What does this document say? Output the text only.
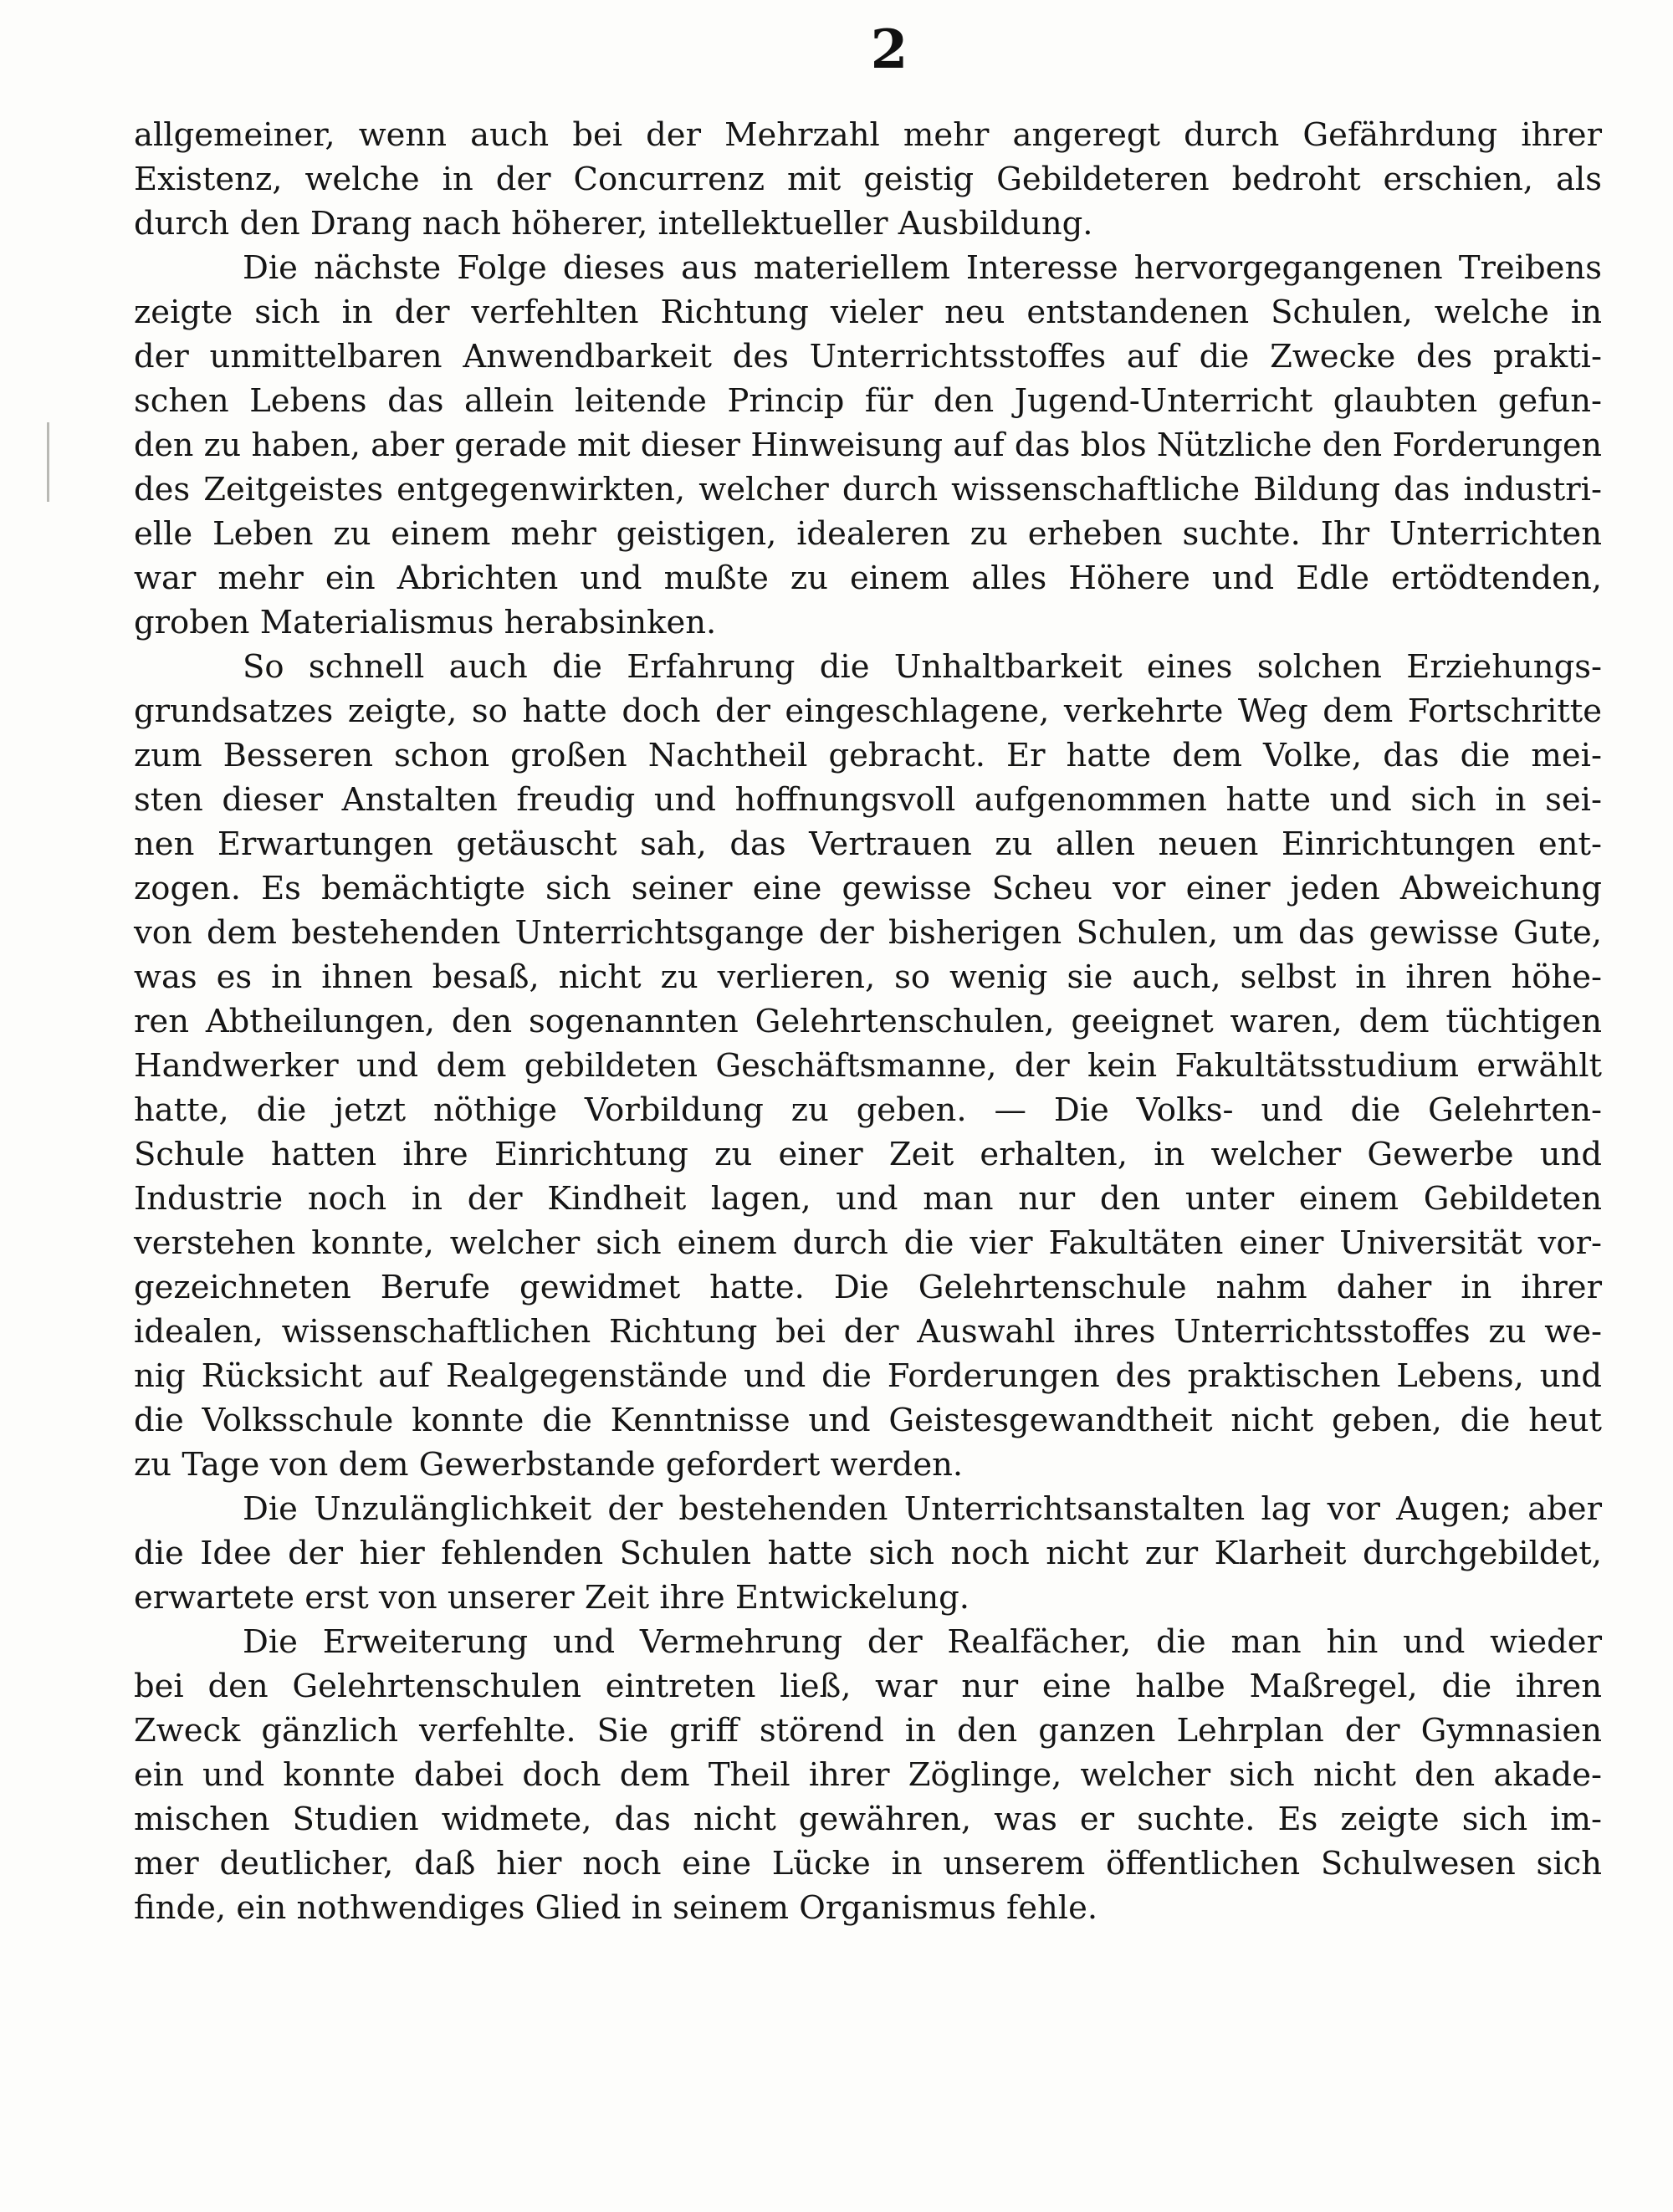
2
allgemeiner, wenn auch bei der Mehrzahl mehr angeregt durch Gefährdung ihrer
Existenz, welche in der Concurrenz mit geistig Gebildeteren bedroht erschien, als
durch den Drang nach höherer, intellektueller Ausbildung.
Die nächste Folge dieses aus materiellem Interesse hervorgegangenen Treibens
zeigte sich in der verfehlten Richtung vieler neu entstandenen Schulen, welche in
der unmittelbaren Anwendbarkeit des Unterrichtsstoffes auf die Zwecke des prakti-
schen Lebens das allein leitende Princip für den Jugend-Unterricht glaubten gefun-
den zu haben, aber gerade mit dieser Hinweisung auf das blos Nützliche den Forderungen
des Zeitgeistes entgegenwirkten, welcher durch wissenschaftliche Bildung das industri-
elle Leben zu einem mehr geistigen, idealeren zu erheben suchte. Ihr Unterrichten
war mehr ein Abrichten und mußte zu einem alles Höhere und Edle ertödtenden,
groben Materialismus herabsinken.
So schnell auch die Erfahrung die Unhaltbarkeit eines solchen Erziehungs-
grundsatzes zeigte, so hatte doch der eingeschlagene, verkehrte Weg dem Fortschritte
zum Besseren schon großen Nachtheil gebracht. Er hatte dem Volke, das die mei-
sten dieser Anstalten freudig und hoffnungsvoll aufgenommen hatte und sich in sei-
nen Erwartungen getäuscht sah, das Vertrauen zu allen neuen Einrichtungen ent-
zogen. Es bemächtigte sich seiner eine gewisse Scheu vor einer jeden Abweichung
von dem bestehenden Unterrichtsgange der bisherigen Schulen, um das gewisse Gute,
was es in ihnen besaß, nicht zu verlieren, so wenig sie auch, selbst in ihren höhe-
ren Abtheilungen, den sogenannten Gelehrtenschulen, geeignet waren, dem tüchtigen
Handwerker und dem gebildeten Geschäftsmanne, der kein Fakultätsstudium erwählt
hatte, die jetzt nöthige Vorbildung zu geben. — Die Volks- und die Gelehrten-
Schule hatten ihre Einrichtung zu einer Zeit erhalten, in welcher Gewerbe und
Industrie noch in der Kindheit lagen, und man nur den unter einem Gebildeten
verstehen konnte, welcher sich einem durch die vier Fakultäten einer Universität vor-
gezeichneten Berufe gewidmet hatte. Die Gelehrtenschule nahm daher in ihrer
idealen, wissenschaftlichen Richtung bei der Auswahl ihres Unterrichtsstoffes zu we-
nig Rücksicht auf Realgegenstände und die Forderungen des praktischen Lebens, und
die Volksschule konnte die Kenntnisse und Geistesgewandtheit nicht geben, die heut
zu Tage von dem Gewerbstande gefordert werden.
Die Unzulänglichkeit der bestehenden Unterrichtsanstalten lag vor Augen; aber
die Idee der hier fehlenden Schulen hatte sich noch nicht zur Klarheit durchgebildet,
erwartete erst von unserer Zeit ihre Entwickelung.
Die Erweiterung und Vermehrung der Realfächer, die man hin und wieder
bei den Gelehrtenschulen eintreten ließ, war nur eine halbe Maßregel, die ihren
Zweck gänzlich verfehlte. Sie griff störend in den ganzen Lehrplan der Gymnasien
ein und konnte dabei doch dem Theil ihrer Zöglinge, welcher sich nicht den akade-
mischen Studien widmete, das nicht gewähren, was er suchte. Es zeigte sich im-
mer deutlicher, daß hier noch eine Lücke in unserem öffentlichen Schulwesen sich
finde, ein nothwendiges Glied in seinem Organismus fehle.
